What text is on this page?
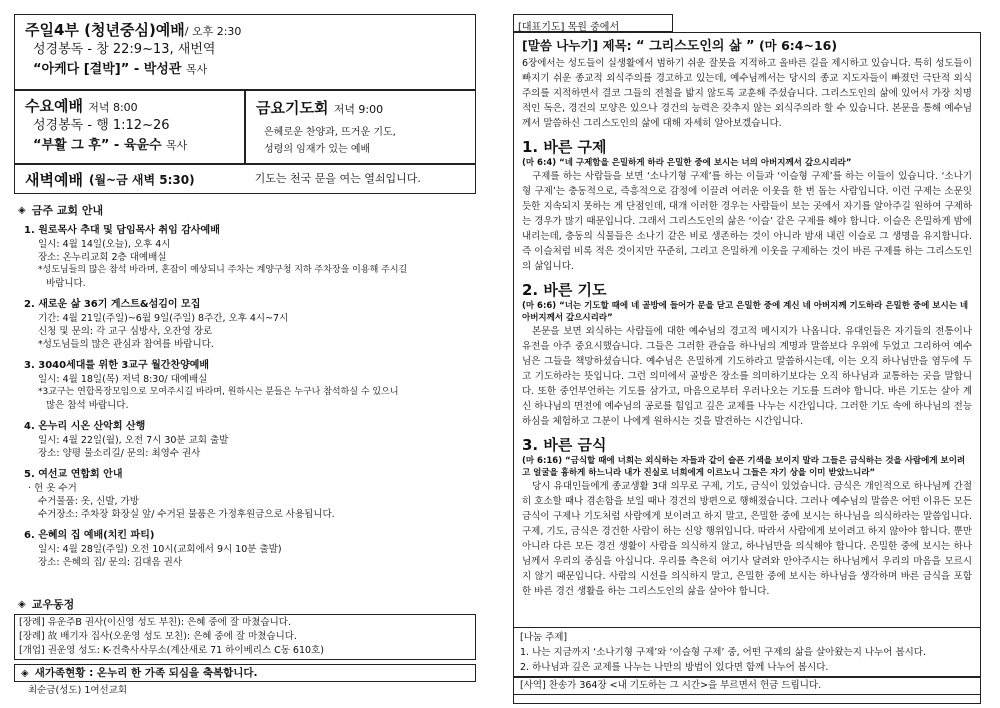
주일4부 (청년중심)예배/ 오후 2:30
성경봉독 - 창 22:9~13, 새번역
“아케다 [결박]” - 박성관 목사
수요예배 저녁 8:00
성경봉독 - 행 1:12~26
“부활 그 후” - 육윤수 목사
금요기도회 저녁 9:00
은혜로운 찬양과, 뜨거운 기도,
성령의 임재가 있는 예배
새벽예배 (월~금 새벽 5:30)	기도는 천국 문을 여는 열쇠입니다.
◈ 금주 교회 안내
1. 원로목사 추대 및 담임목사 취임 감사예배
일시: 4월 14일(오늘), 오후 4시
장소: 온누리교회 2층 대예배실
*성도님들의 많은 참석 바라며, 혼잡이 예상되니 주차는 계양구청 지하 주차장을 이용해 주시길
바랍니다.
2. 새로운 삶 36기 게스트&섬김이 모집
기간: 4월 21일(주일)~6월 9일(주일) 8주간, 오후 4시~7시
신청 및 문의: 각 교구 심방사, 오잔영 장로
*성도님들의 많은 관심과 참여를 바랍니다.
3. 3040세대를 위한 3교구 월간찬양예배
일시: 4월 18일(목) 저녁 8:30/ 대예배실
*3교구는 연합목장모임으로 모여주시길 바라며, 원하시는 분들은 누구나 참석하실 수 있으니
많은 참석 바랍니다.
4. 온누리 시온 산악회 산행
일시: 4월 22일(월), 오전 7시 30분 교회 출발
장소: 양평 물소리길/ 문의: 최영수 권사
5. 여선교 연합회 안내
· 헌 옷 수거
수거물품: 옷, 신발, 가방
수거장소: 주차장 화장실 앞/ 수거된 물품은 가정후원금으로 사용됩니다.
6. 은혜의 집 예배(치킨 파티)
일시: 4월 28일(주일) 오전 10시(교회에서 9시 10분 출발)
장소: 은혜의 집/ 문의: 김대음 권사
◈ 교우동정
[장례] 유운주B 권사(이신영 성도 부친): 은혜 중에 잘 마쳤습니다.
[장례] 故 배기자 집사(오운영 성도 모친): 은혜 중에 잘 마쳤습니다.
[개업] 권운영 성도: K-건축사사무소(계산새로 71 하이베리스 C동 610호)
◈ 새가족현황 : 온누리 한 가족 되심을 축복합니다.
최순금(성도) 1여선교회
[대표기도] 목원 중에서
[말씀 나누기] 제목: “ 그리스도인의 삶 ” (마 6:4~16)
6장에서는 성도들이 실생활에서 범하기 쉬운 잘못을 지적하고 올바른 길을 제시하고 있습니다. 특히 성도들이 빠지기 쉬운 종교적 외식주의를 경고하고 있는데, 예수님께서는 당시의 종교 지도자들이 빠졌던 극단적 외식주의를 지적하면서 결코 그들의 전철을 밟지 않도록 교훈해 주셨습니다. 그리스도인의 삶에 있어서 가장 치명적인 독은, 경건의 모양은 있으나 경건의 능력은 갖추지 않는 외식주의라 할 수 있습니다. 본문을 통해 예수님께서 말씀하신 그리스도인의 삶에 대해 자세히 알아보겠습니다.
1. 바른 구제
(마 6:4) “네 구제함을 은밀하게 하라 은밀한 중에 보시는 너의 아버지께서 갚으시리라”
구제를 하는 사람들을 보면 ‘소나기형 구제’를 하는 이들과 ‘이슬형 구제’를 하는 이들이 있습니다. ‘소나기형 구제’는 충동적으로, 즉흥적으로 감정에 이끌려 여러운 이웃을 한 번 돕는 사람입니다. 이런 구제는 소문잇듯한 지속되지 못하는 게 단점인데, 대개 이러한 경우는 사람들이 보는 곳에서 자기를 알아주길 원하여 구제하는 경우가 많기 때문입니다. 그래서 그리스도인의 삶은 ‘이슬’ 같은 구제를 해야 합니다. 이슬은 은밀하게 밤에 내리는데, 충동의 식물들은 소나기 같은 비로 생존하는 것이 아니라 밤새 내린 이슬로 그 생명을 유지합니다. 즉 이슬처럼 비록 적은 것이지만 꾸준히, 그리고 은밀하게 이웃을 구제하는 것이 바른 구제를 하는 그리스도인의 삶입니다.
2. 바른 기도
(마 6:6) “너는 기도할 때에 네 골방에 들어가 문을 닫고 은밀한 중에 계신 네 아버지께 기도하라 은밀한 중에 보시는 네 아버지께서 갚으시리라”
본문을 보면 외식하는 사람들에 대한 예수님의 경고적 메시지가 나옵니다. 유대인들은 자기들의 전통이나 유전을 아주 중요시했습니다. 그들은 그러한 관습을 하나님의 계명과 말씀보다 우위에 두었고 그리하여 예수님은 그들을 책망하셨습니다. 예수님은 은밀하게 기도하라고 말씀하시는데, 이는 오직 하나님만을 염두에 두고 기도하라는 뜻입니다. 그런 의미에서 골방은 장소를 의미하기보다는 오직 하나님과 교통하는 곳을 말합니다. 또한 중언부언하는 기도를 삼가고, 마음으로부터 우러나오는 기도를 드려야 합니다. 바른 기도는 살아 계신 하나님의 면전에 예수님의 공로를 힘입고 깊은 교제를 나누는 시간입니다. 그러한 기도 속에 하나님의 전능하심을 체험하고 그분이 나에게 원하시는 것을 발견하는 시간입니다.
3. 바른 금식
(마 6:16) “금식할 때에 너희는 외식하는 자들과 같이 슬픈 기색을 보이지 말라 그들은 금식하는 것을 사람에게 보이려고 얼굴을 흉하게 하느니라 내가 진실로 너희에게 이르노니 그들은 자기 상을 이미 받았느니라”
당시 유대인들에게 종교생활 3대 의무로 구제, 기도, 금식이 있었습니다. 금식은 개인적으로 하나님께 간절히 호소할 때나 겸손함을 보일 때나 경건의 방편으로 행해졌습니다. 그러나 예수님의 말씀은 어떤 이유든 모든 금식이 구제나 기도처럼 사람에게 보이려고 하지 말고, 은밀한 중에 보시는 하나님을 의식하라는 말씀입니다. 구제, 기도, 금식은 경건한 사람이 하는 신앙 행위입니다. 따라서 사람에게 보이려고 하지 않아야 합니다. 뿐만 아니라 다른 모든 경건 생활이 사람을 의식하지 않고, 하나님만을 의식해야 합니다. 은밀한 중에 보시는 하나님께서 우리의 중심을 아십니다. 우리를 측은히 여기사 달려와 안아주시는 하나님께서 우리의 마음을 모르시지 않기 때문입니다. 사람의 시선을 의식하지 말고, 은밀한 중에 보시는 하나님을 생각하며 바른 금식을 포함한 바른 경건 생활을 하는 그리스도인의 삶을 살아야 합니다.
[나눔 주제]
1. 나는 지금까지 ‘소나기형 구제’와 ‘이슬형 구제’ 중, 어떤 구제의 삶을 살아왔는지 나누어 봅시다.
2. 하나님과 깊은 교제를 나누는 나만의 방법이 있다면 함께 나누어 봅시다.
[사역] 찬송가 364장 <내 기도하는 그 시간>을 부르면서 헌금 드립니다.
